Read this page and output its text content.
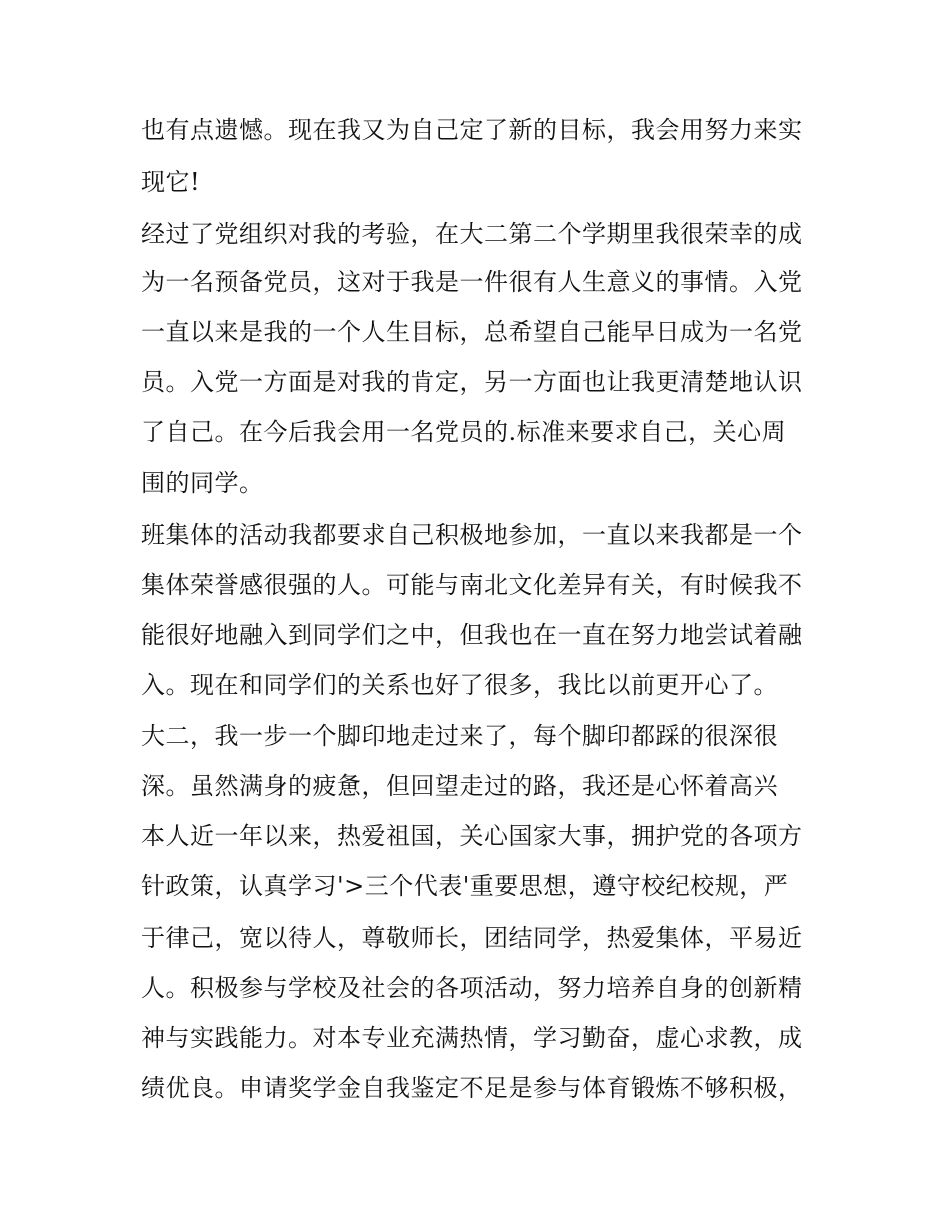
也有点遗憾。现在我又为自己定了新的目标，我会用努力来实
现它!
经过了党组织对我的考验，在大二第二个学期里我很荣幸的成
为一名预备党员，这对于我是一件很有人生意义的事情。入党
一直以来是我的一个人生目标，总希望自己能早日成为一名党
员。入党一方面是对我的肯定，另一方面也让我更清楚地认识
了自己。在今后我会用一名党员的.标准来要求自己，关心周
围的同学。
班集体的活动我都要求自己积极地参加，一直以来我都是一个
集体荣誉感很强的人。可能与南北文化差异有关，有时候我不
能很好地融入到同学们之中，但我也在一直在努力地尝试着融
入。现在和同学们的关系也好了很多，我比以前更开心了。
大二，我一步一个脚印地走过来了，每个脚印都踩的很深很
深。虽然满身的疲惫，但回望走过的路，我还是心怀着高兴
本人近一年以来，热爱祖国，关心国家大事，拥护党的各项方
针政策，认真学习'>三个代表'重要思想，遵守校纪校规，严
于律己，宽以待人，尊敬师长，团结同学，热爱集体，平易近
人。积极参与学校及社会的各项活动，努力培养自身的创新精
神与实践能力。对本专业充满热情，学习勤奋，虚心求教，成
绩优良。申请奖学金自我鉴定不足是参与体育锻炼不够积极，
